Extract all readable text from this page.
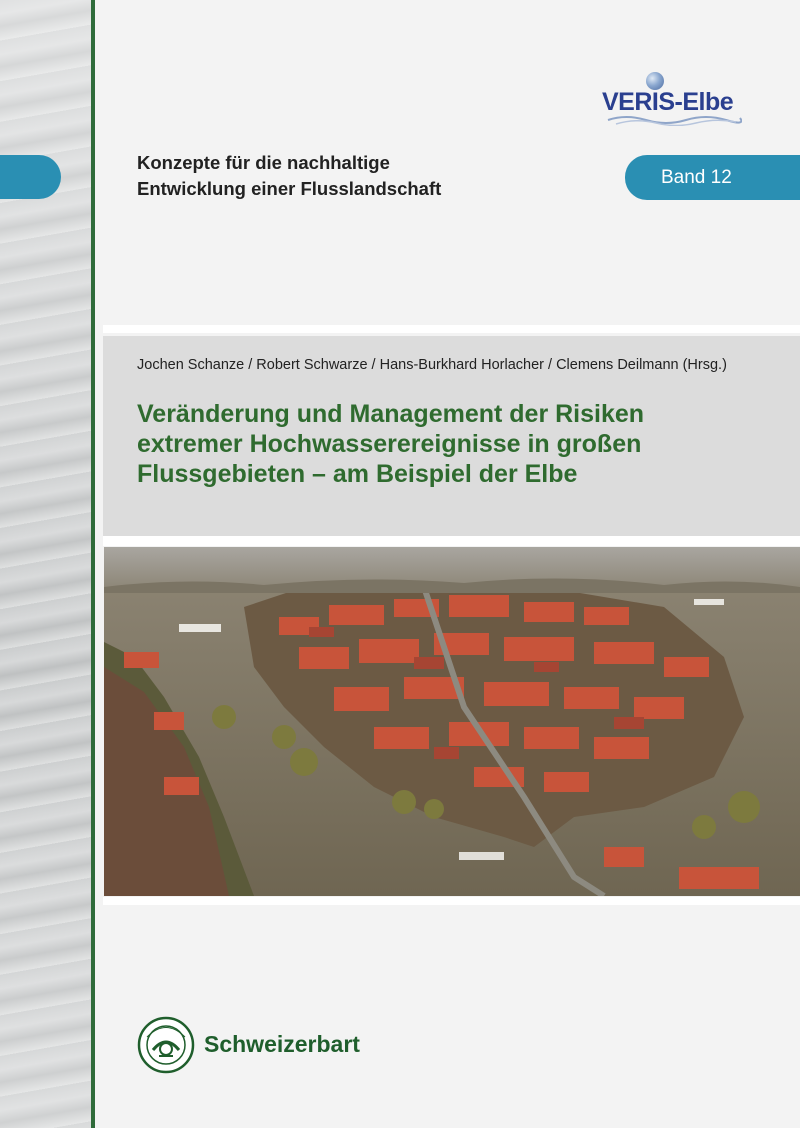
VERIS-Elbe
Konzepte für die nachhaltige
Entwicklung einer Flusslandschaft
Band 12

Jochen Schanze / Robert Schwarze / Hans-Burkhard Horlacher / Clemens Deilmann (Hrsg.)

Veränderung und Management der Risiken
extremer Hochwasserereignisse in großen
Flussgebieten – am Beispiel der Elbe

Schweizerbart
